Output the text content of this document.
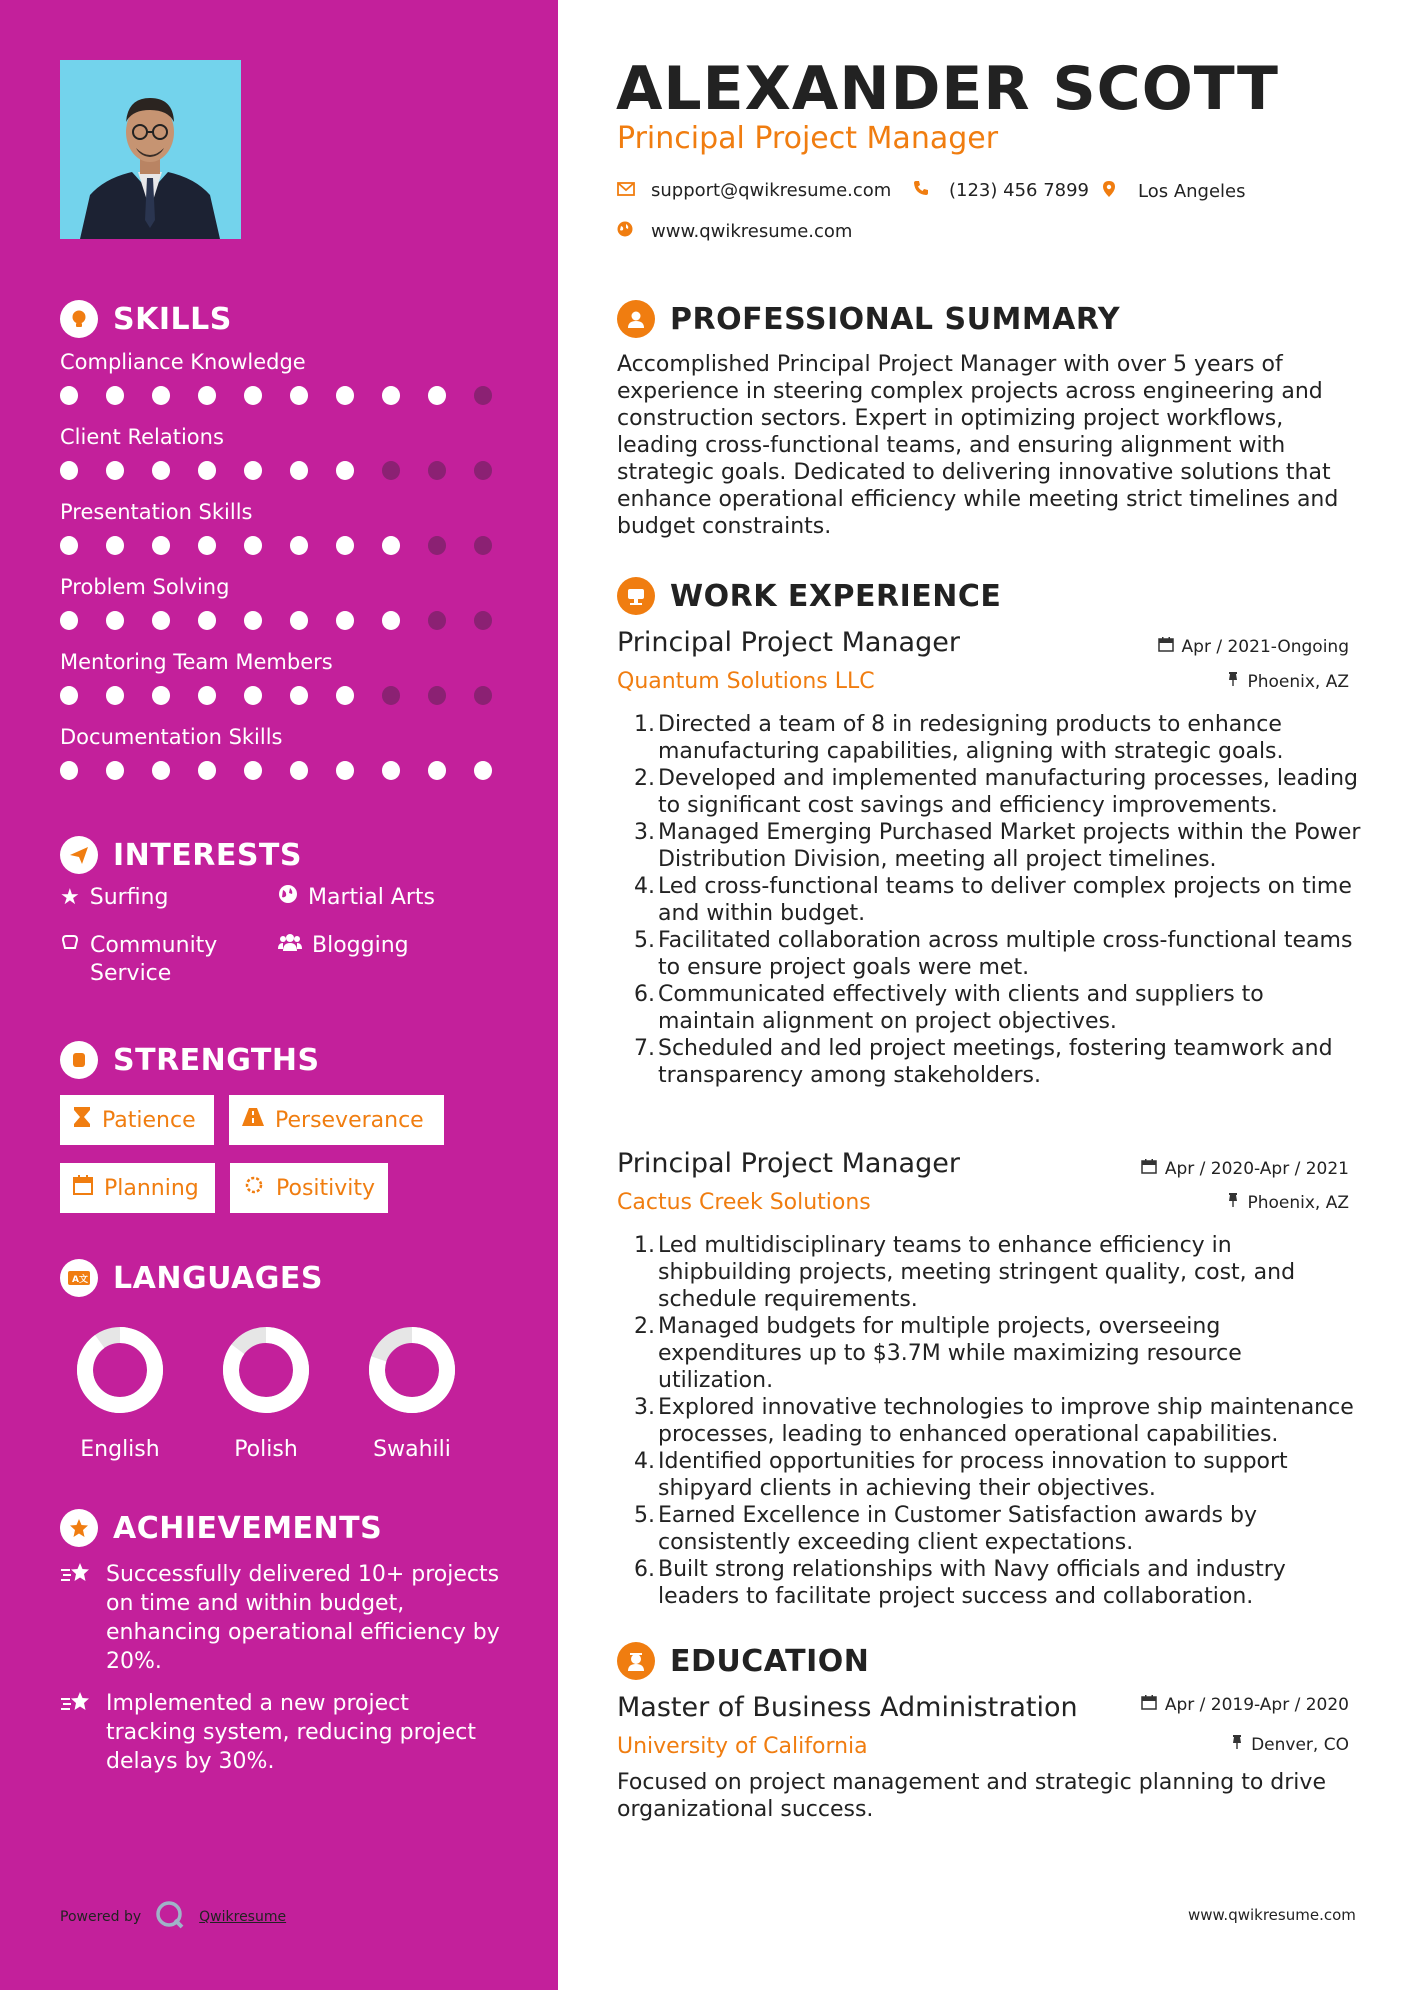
SKILLS
Compliance Knowledge
Client Relations
Presentation Skills
Problem Solving
Mentoring Team Members
Documentation Skills
INTERESTS
★ Surfing	Martial Arts
Community Service
Blogging
STRENGTHS
Patience	Perseverance
Planning	Positivity
A文 LANGUAGES
English	Polish	Swahili
ACHIEVEMENTS
Successfully delivered 10+ projects on time and within budget, enhancing operational efficiency by 20%.
Implemented a new project tracking system, reducing project delays by 30%.
Powered by	Qwikresume
ALEXANDER SCOTT
Principal Project Manager
support@qwikresume.com	(123) 456 7899	Los Angeles
www.qwikresume.com
PROFESSIONAL SUMMARY
Accomplished Principal Project Manager with over 5 years of experience in steering complex projects across engineering and construction sectors. Expert in optimizing project workflows, leading cross-functional teams, and ensuring alignment with strategic goals. Dedicated to delivering innovative solutions that enhance operational efficiency while meeting strict timelines and budget constraints.
WORK EXPERIENCE
Principal Project Manager
Quantum Solutions LLC
Apr / 2021-Ongoing
Phoenix, AZ
Directed a team of 8 in redesigning products to enhance manufacturing capabilities, aligning with strategic goals.
Developed and implemented manufacturing processes, leading to significant cost savings and efficiency improvements.
Managed Emerging Purchased Market projects within the Power Distribution Division, meeting all project timelines.
Led cross-functional teams to deliver complex projects on time and within budget.
Facilitated collaboration across multiple cross-functional teams to ensure project goals were met.
Communicated effectively with clients and suppliers to maintain alignment on project objectives.
Scheduled and led project meetings, fostering teamwork and transparency among stakeholders.
Principal Project Manager
Cactus Creek Solutions
Apr / 2020-Apr / 2021
Phoenix, AZ
Led multidisciplinary teams to enhance efficiency in shipbuilding projects, meeting stringent quality, cost, and schedule requirements.
Managed budgets for multiple projects, overseeing expenditures up to $3.7M while maximizing resource utilization.
Explored innovative technologies to improve ship maintenance processes, leading to enhanced operational capabilities.
Identified opportunities for process innovation to support shipyard clients in achieving their objectives.
Earned Excellence in Customer Satisfaction awards by consistently exceeding client expectations.
Built strong relationships with Navy officials and industry leaders to facilitate project success and collaboration.
EDUCATION
Master of Business Administration
University of California
Apr / 2019-Apr / 2020
Denver, CO
Focused on project management and strategic planning to drive organizational success.
www.qwikresume.com
